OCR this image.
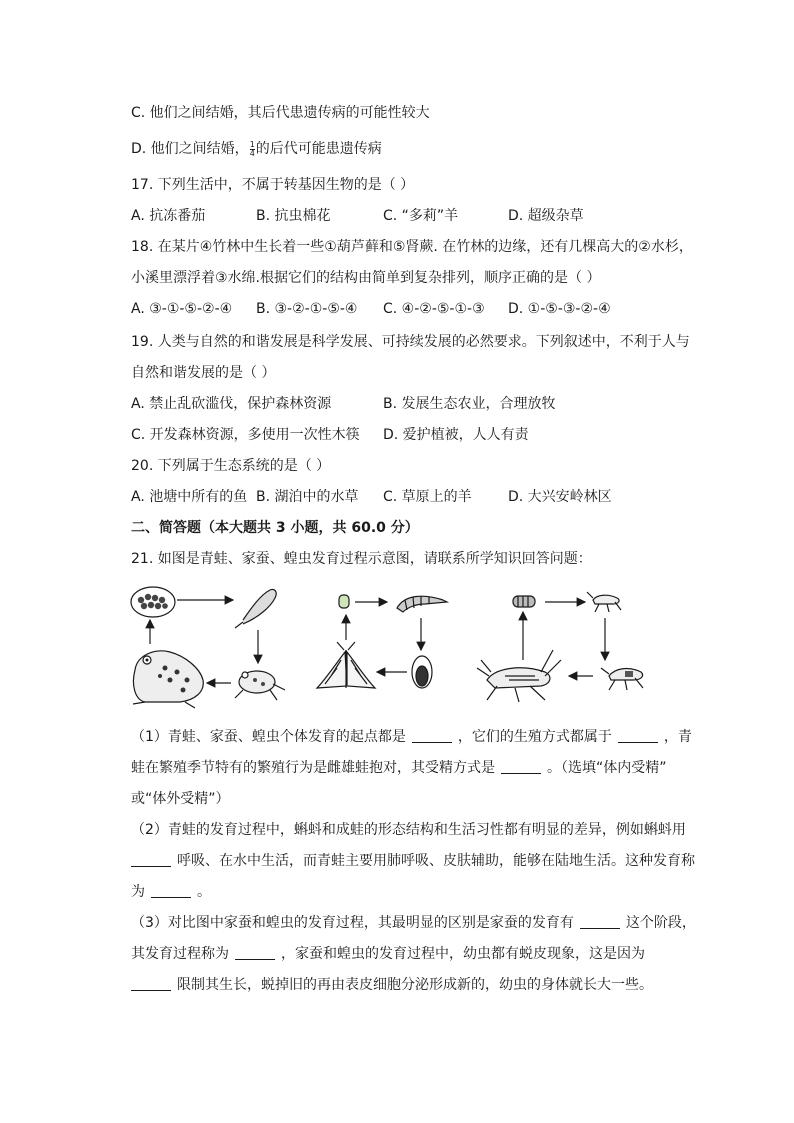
C. 他们之间结婚，其后代患遗传病的可能性较大
D. 他们之间结婚， $\frac{1}{4}$ 的后代可能患遗传病
17. 下列生活中，不属于转基因生物的是（ ）
A. 抗冻番茄	B. 抗虫棉花	C. “多莉”羊	D. 超级杂草
18. 在某片④竹林中生长着一些①葫芦藓和⑤肾蕨. 在竹林的边缘，还有几棵高大的②水杉，
小溪里漂浮着③水绵.根据它们的结构由简单到复杂排列，顺序正确的是（ ）
A. ③-①-⑤-②-④ B. ③-②-①-⑤-④ C. ④-②-⑤-①-③ D. ①-⑤-③-②-④
19. 人类与自然的和谐发展是科学发展、可持续发展的必然要求。下列叙述中，不利于人与
自然和谐发展的是（ ）
A. 禁止乱砍滥伐，保护森林资源	B. 发展生态农业，合理放牧
C. 开发森林资源，多使用一次性木筷 D. 爱护植被，人人有责
20. 下列属于生态系统的是（ ）
A. 池塘中所有的鱼 B. 湖泊中的水草 C. 草原上的羊	D. 大兴安岭林区
二、简答题（本大题共 3 小题，共 60.0 分）
21. 如图是青蛙、家蚕、蝗虫发育过程示意图，请联系所学知识回答问题：
（1）青蛙、家蚕、蝗虫个体发育的起点都是	，它们的生殖方式都属于	，青
蛙在繁殖季节特有的繁殖行为是雌雄蛙抱对，其受精方式是	。（选填“体内受精”
或“体外受精”）
（2）青蛙的发育过程中，蝌蚪和成蛙的形态结构和生活习性都有明显的差异，例如蝌蚪用
呼吸、在水中生活，而青蛙主要用肺呼吸、皮肤辅助，能够在陆地生活。这种发育称
为	。
（3）对比图中家蚕和蝗虫的发育过程，其最明显的区别是家蚕的发育有	这个阶段，
其发育过程称为	，家蚕和蝗虫的发育过程中，幼虫都有蜕皮现象，这是因为
限制其生长，蜕掉旧的再由表皮细胞分泌形成新的，幼虫的身体就长大一些。
